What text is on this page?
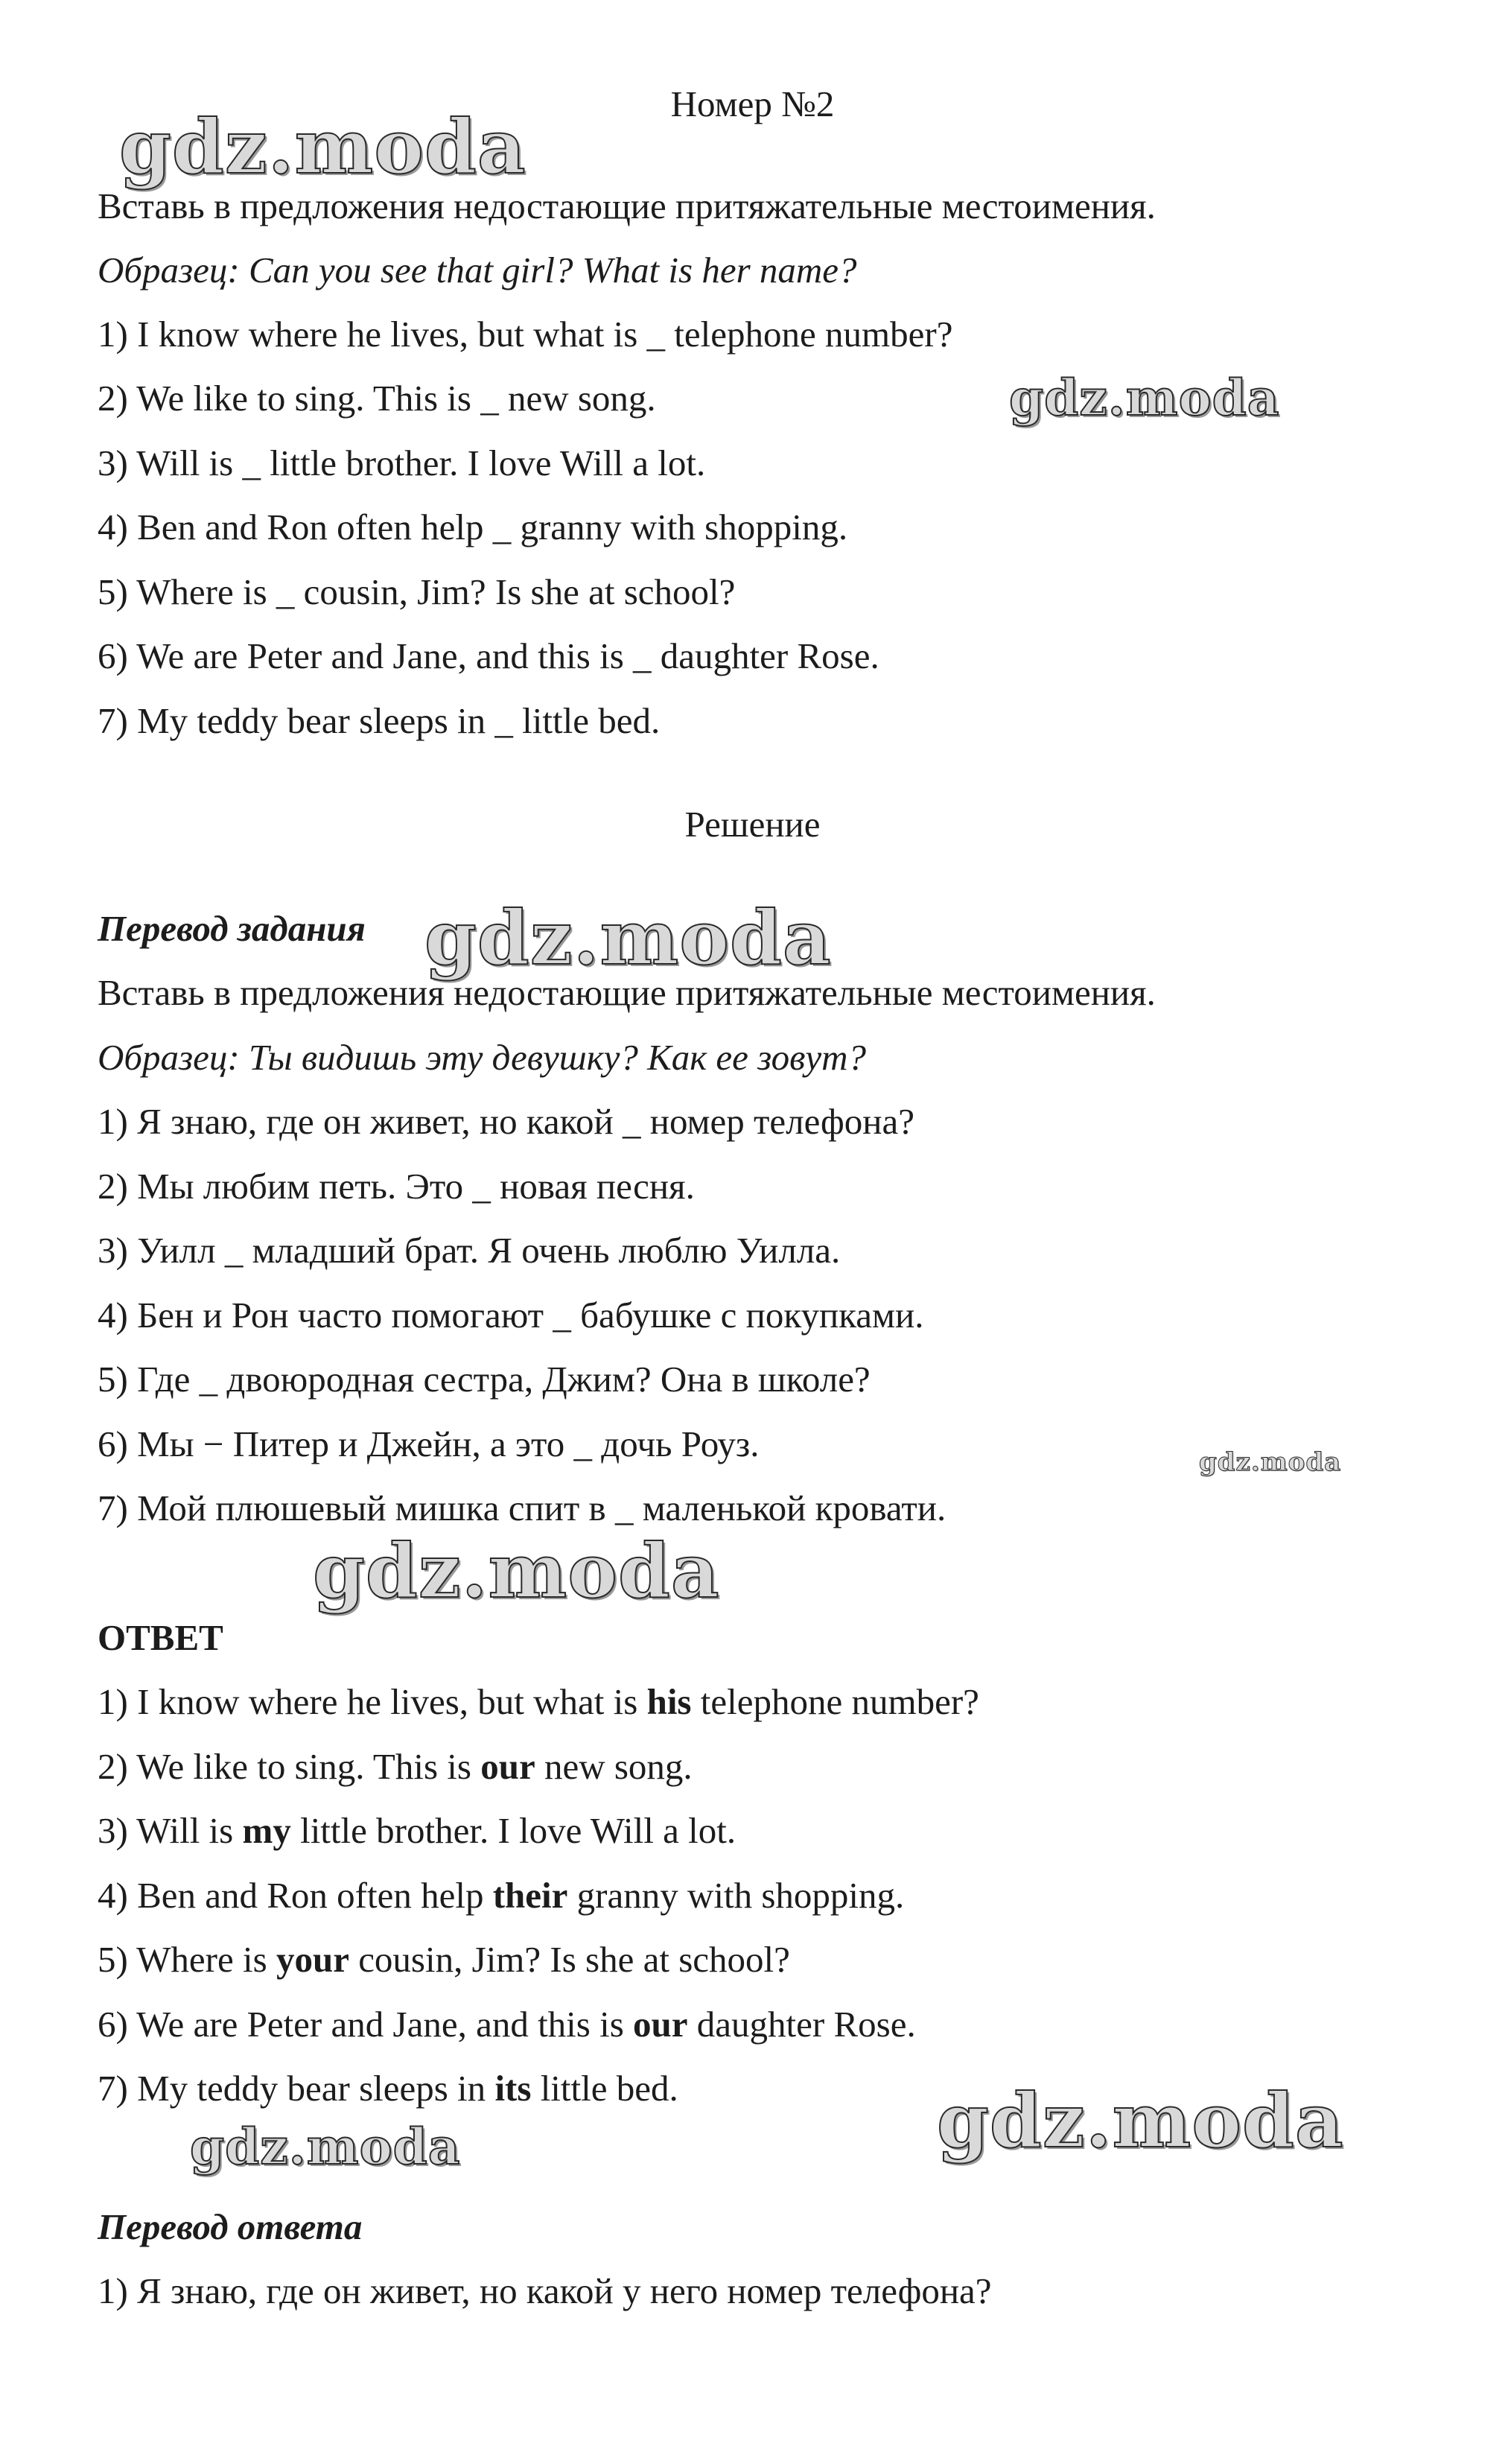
Номер №2
Вставь в предложения недостающие притяжательные местоимения.
Образец: Can you see that girl? What is her name?
1) I know where he lives, but what is _ telephone number?
2) We like to sing. This is _ new song.
3) Will is _ little brother. I love Will a lot.
4) Ben and Ron often help _ granny with shopping.
5) Where is _ cousin, Jim? Is she at school?
6) We are Peter and Jane, and this is _ daughter Rose.
7) My teddy bear sleeps in _ little bed.
Решение
Перевод задания
Вставь в предложения недостающие притяжательные местоимения.
Образец: Ты видишь эту девушку? Как ее зовут?
1) Я знаю, где он живет, но какой _ номер телефона?
2) Мы любим петь. Это _ новая песня.
3) Уилл _ младший брат. Я очень люблю Уилла.
4) Бен и Рон часто помогают _ бабушке с покупками.
5) Где _ двоюродная сестра, Джим? Она в школе?
6) Мы − Питер и Джейн, а это _ дочь Роуз.
7) Мой плюшевый мишка спит в _ маленькой кровати.
ОТВЕТ
1) I know where he lives, but what is his telephone number?
2) We like to sing. This is our new song.
3) Will is my little brother. I love Will a lot.
4) Ben and Ron often help their granny with shopping.
5) Where is your cousin, Jim? Is she at school?
6) We are Peter and Jane, and this is our daughter Rose.
7) My teddy bear sleeps in its little bed.
Перевод ответа
1) Я знаю, где он живет, но какой у него номер телефона?
gdz.moda
gdz.moda
gdz.moda
gdz.moda
gdz.moda
gdz.moda	gdz.moda
